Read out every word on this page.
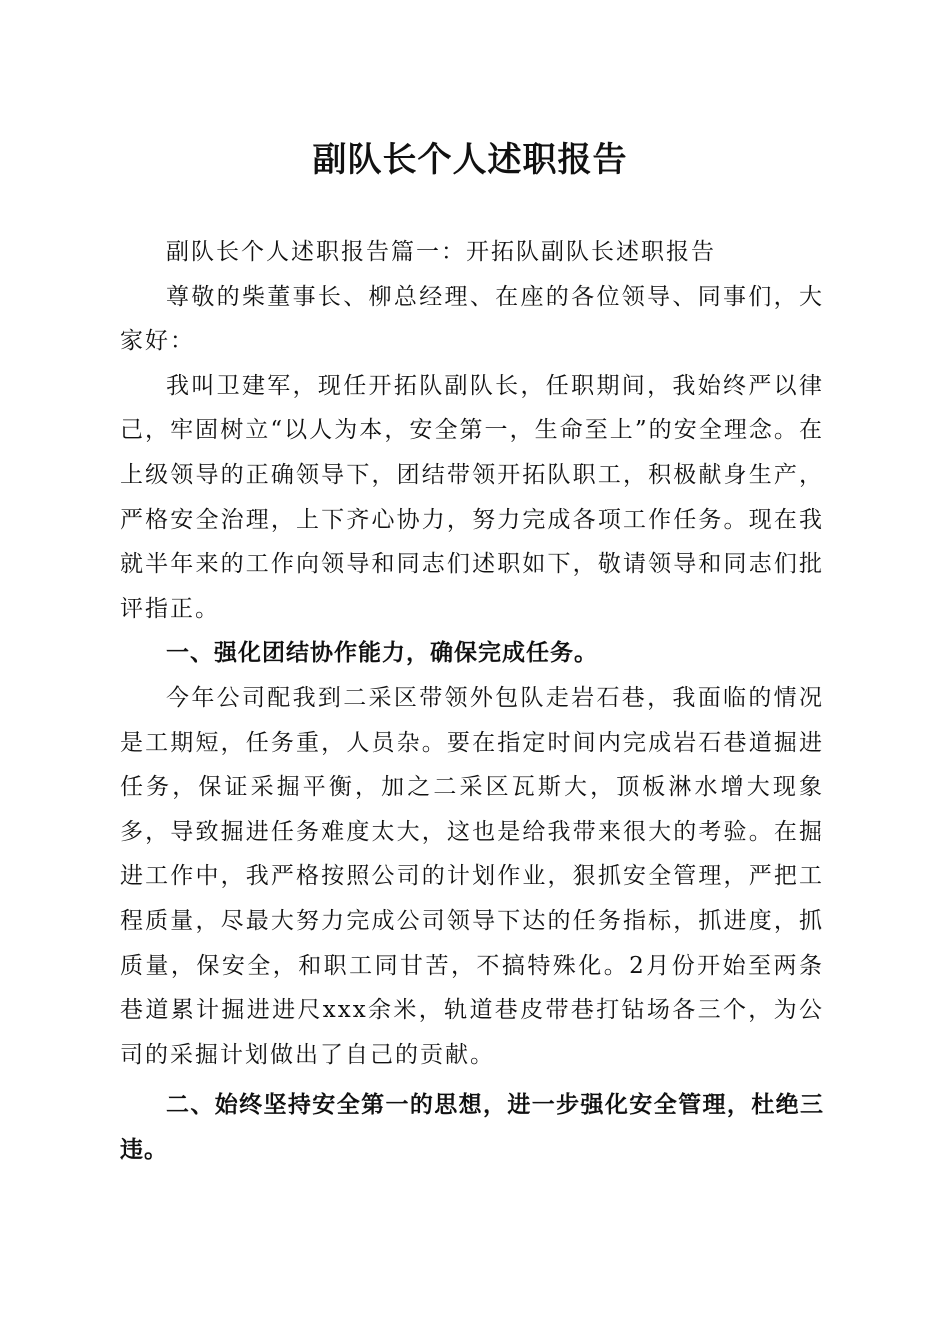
副队长个人述职报告

副队长个人述职报告篇一：开拓队副队长述职报告

尊敬的柴董事长、柳总经理、在座的各位领导、同事们，大家好：

我叫卫建军，现任开拓队副队长，任职期间，我始终严以律己，牢固树立“以人为本，安全第一，生命至上”的安全理念。在上级领导的正确领导下，团结带领开拓队职工，积极献身生产，严格安全治理，上下齐心协力，努力完成各项工作任务。现在我就半年来的工作向领导和同志们述职如下，敬请领导和同志们批评指正。

一、强化团结协作能力，确保完成任务。

今年公司配我到二采区带领外包队走岩石巷，我面临的情况是工期短，任务重，人员杂。要在指定时间内完成岩石巷道掘进任务，保证采掘平衡，加之二采区瓦斯大，顶板淋水增大现象多，导致掘进任务难度太大，这也是给我带来很大的考验。在掘进工作中，我严格按照公司的计划作业，狠抓安全管理，严把工程质量，尽最大努力完成公司领导下达的任务指标，抓进度，抓质量，保安全，和职工同甘苦，不搞特殊化。2月份开始至两条巷道累计掘进进尺xxx余米，轨道巷皮带巷打钻场各三个，为公司的采掘计划做出了自己的贡献。

二、始终坚持安全第一的思想，进一步强化安全管理，杜绝三违。
